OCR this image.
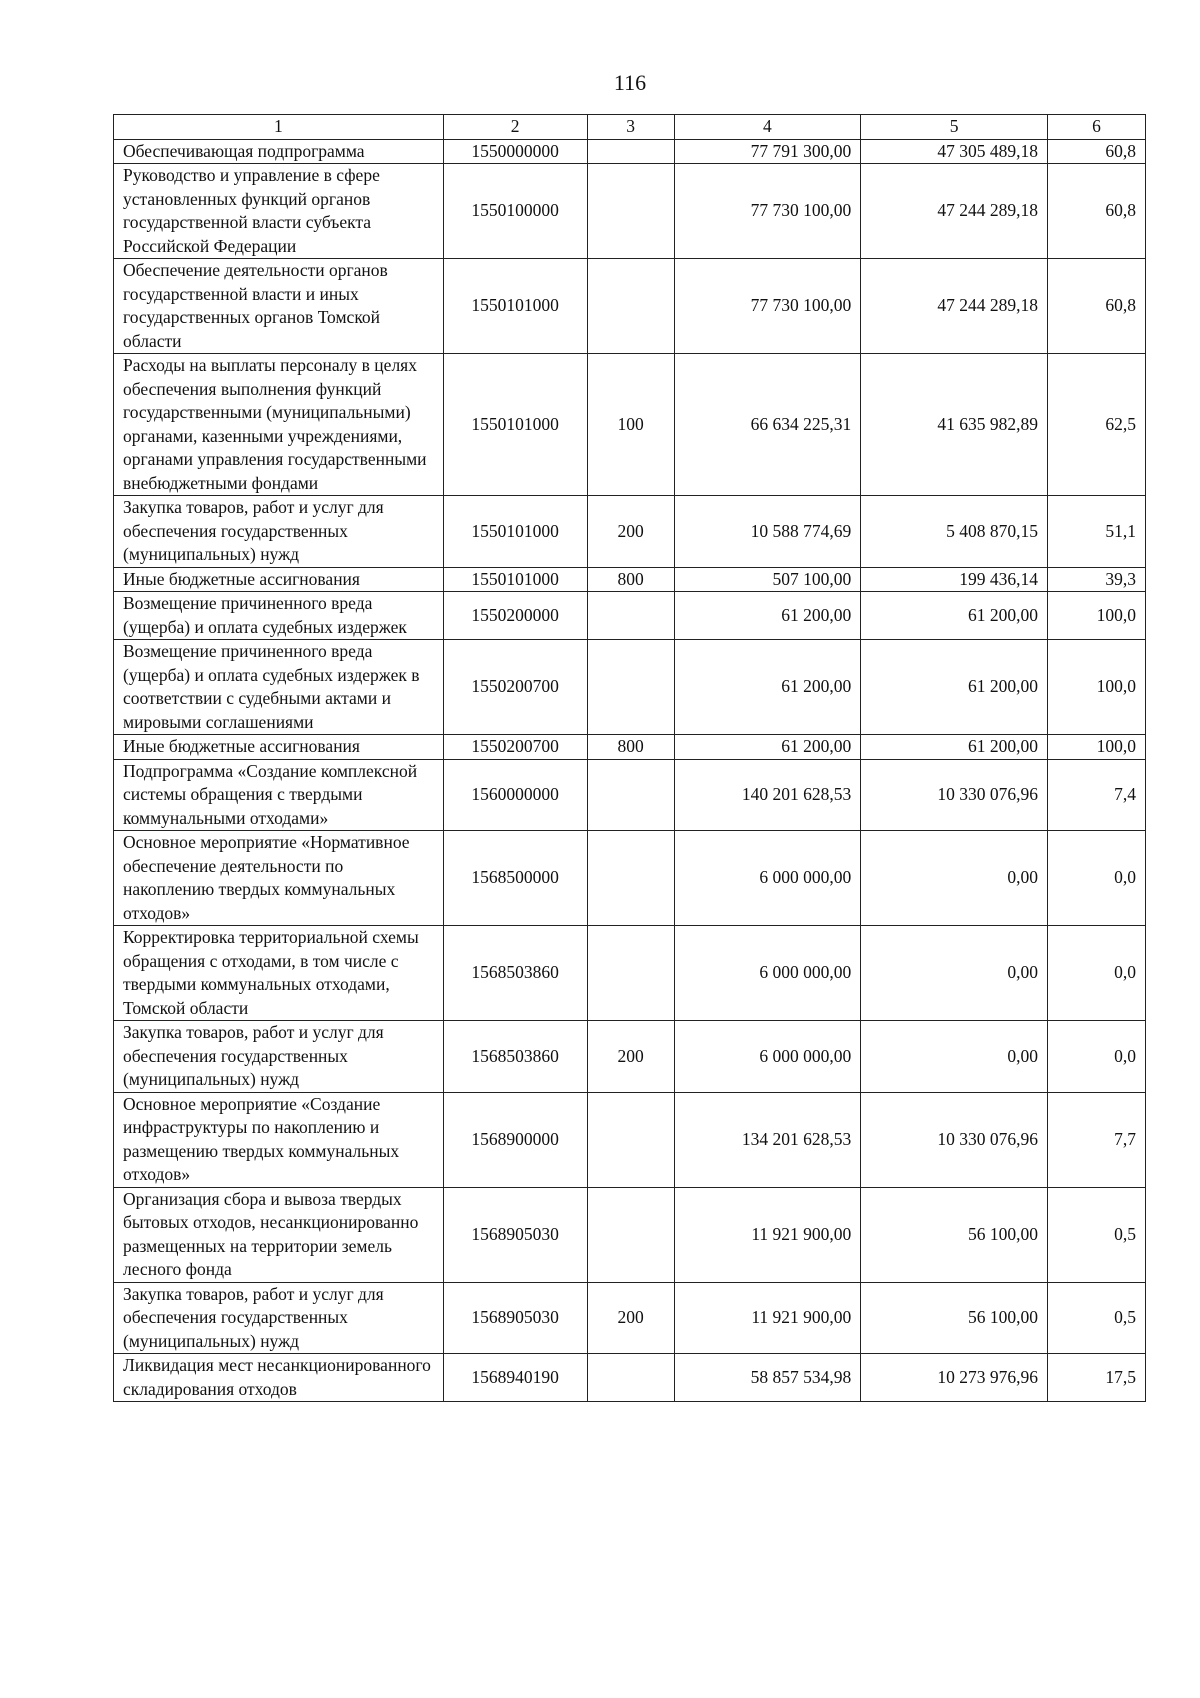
116
1	2	3	4	5	6
Обеспечивающая подпрограмма	1550000000		77 791 300,00	47 305 489,18	60,8
Руководство и управление в сфере установленных функций органов государственной власти субъекта Российской Федерации	1550100000		77 730 100,00	47 244 289,18	60,8
Обеспечение деятельности органов государственной власти и иных государственных органов Томской области	1550101000		77 730 100,00	47 244 289,18	60,8
Расходы на выплаты персоналу в целях обеспечения выполнения функций государственными (муниципальными) органами, казенными учреждениями, органами управления государственными внебюджетными фондами	1550101000	100	66 634 225,31	41 635 982,89	62,5
Закупка товаров, работ и услуг для обеспечения государственных (муниципальных) нужд	1550101000	200	10 588 774,69	5 408 870,15	51,1
Иные бюджетные ассигнования	1550101000	800	507 100,00	199 436,14	39,3
Возмещение причиненного вреда (ущерба) и оплата судебных издержек	1550200000		61 200,00	61 200,00	100,0
Возмещение причиненного вреда (ущерба) и оплата судебных издержек в соответствии с судебными актами и мировыми соглашениями	1550200700		61 200,00	61 200,00	100,0
Иные бюджетные ассигнования	1550200700	800	61 200,00	61 200,00	100,0
Подпрограмма «Создание комплексной системы обращения с твердыми коммунальными отходами»	1560000000		140 201 628,53	10 330 076,96	7,4
Основное мероприятие «Нормативное обеспечение деятельности по накоплению твердых коммунальных отходов»	1568500000		6 000 000,00	0,00	0,0
Корректировка территориальной схемы обращения с отходами, в том числе с твердыми коммунальных отходами, Томской области	1568503860		6 000 000,00	0,00	0,0
Закупка товаров, работ и услуг для обеспечения государственных (муниципальных) нужд	1568503860	200	6 000 000,00	0,00	0,0
Основное мероприятие «Создание инфраструктуры по накоплению и размещению твердых коммунальных отходов»	1568900000		134 201 628,53	10 330 076,96	7,7
Организация сбора и вывоза твердых бытовых отходов, несанкционированно размещенных на территории земель лесного фонда	1568905030		11 921 900,00	56 100,00	0,5
Закупка товаров, работ и услуг для обеспечения государственных (муниципальных) нужд	1568905030	200	11 921 900,00	56 100,00	0,5
Ликвидация мест несанкционированного складирования отходов	1568940190		58 857 534,98	10 273 976,96	17,5
